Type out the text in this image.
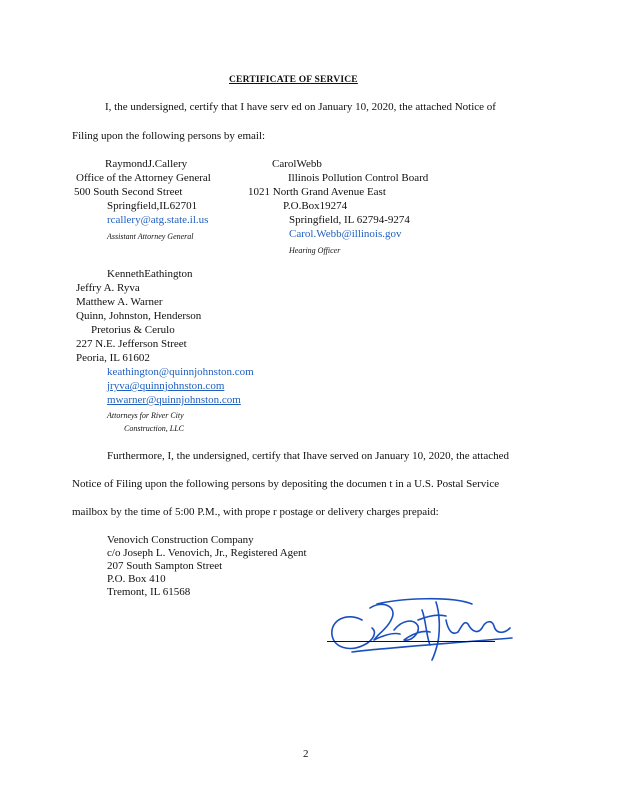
CERTIFICATE OF SERVICE
I, the undersigned, certify that I have serv ed on January 10, 2020, the attached Notice of
Filing upon the following persons by email:
RaymondJ.Callery
Office of the Attorney General
500 South Second Street
Springfield,IL62701
rcallery@atg.state.il.us
Assistant Attorney General
CarolWebb
Illinois Pollution Control Board
1021 North Grand Avenue East
P.O.Box19274
Springfield, IL 62794-9274
Carol.Webb@illinois.gov
Hearing Officer
KennethEathington
Jeffry A. Ryva
Matthew A. Warner
Quinn, Johnston, Henderson
Pretorius & Cerulo
227 N.E. Jefferson Street
Peoria, IL 61602
keathington@quinnjohnston.com
jryva@quinnjohnston.com
mwarner@quinnjohnston.com
Attorneys for River City
Construction, LLC
Furthermore, I, the undersigned, certify that Ihave served on January 10, 2020, the attached
Notice of Filing upon the following persons by depositing the documen t in a U.S. Postal Service
mailbox by the time of 5:00 P.M., with prope r postage or delivery charges prepaid:
Venovich Construction Company
c/o Joseph L. Venovich, Jr., Registered Agent
207 South Sampton Street
P.O. Box 410
Tremont, IL 61568
2
